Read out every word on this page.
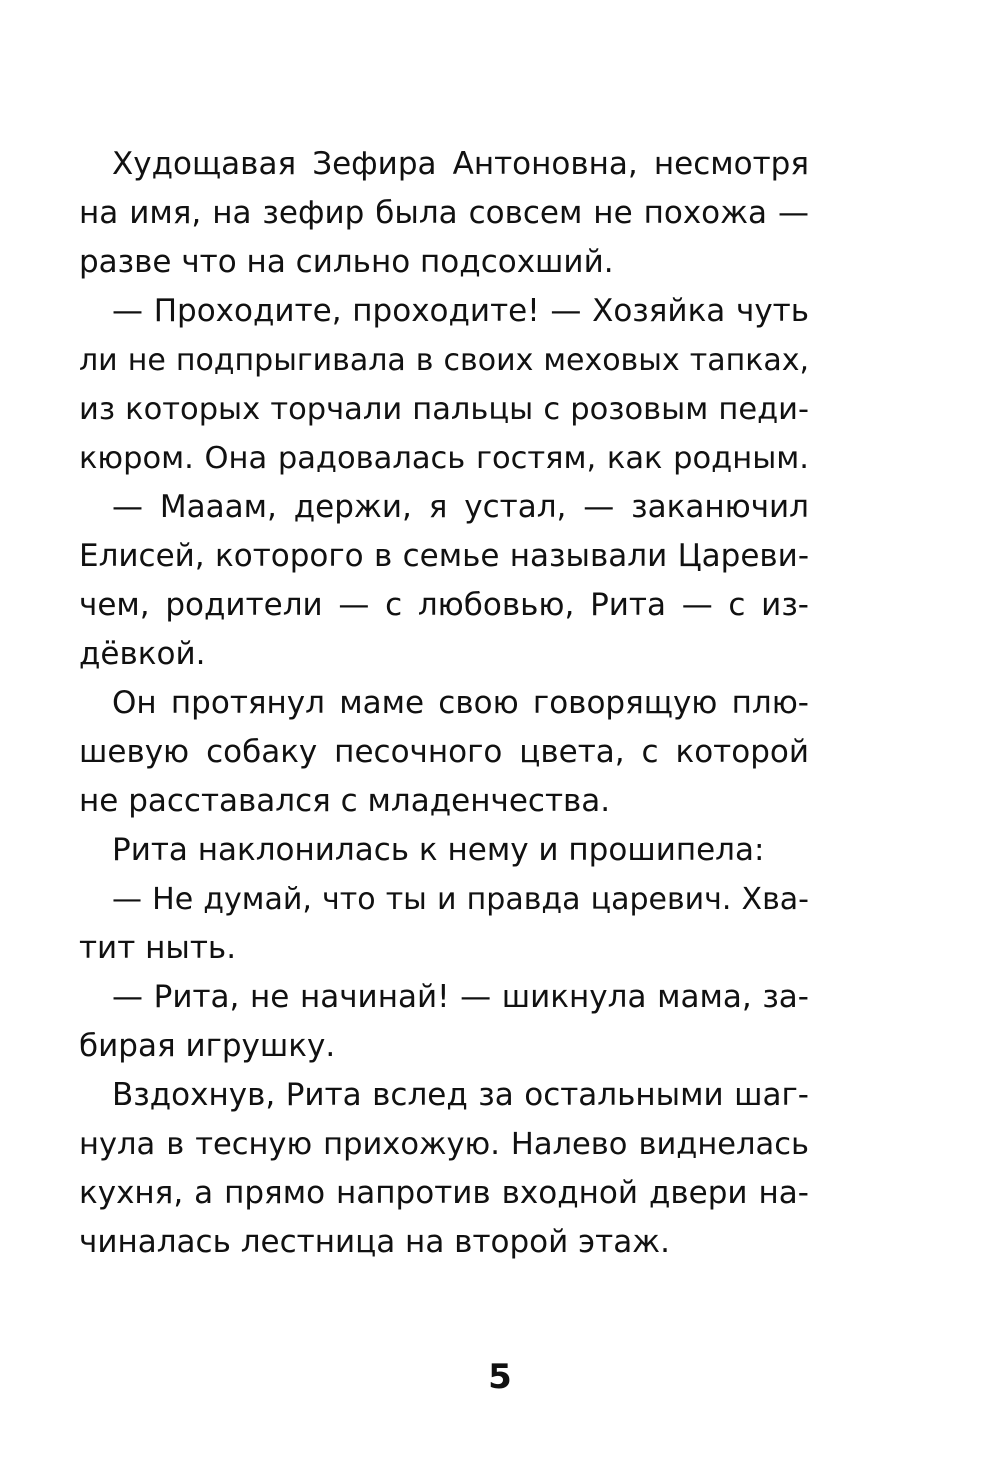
Худощавая Зефира Антоновна, несмотря
на имя, на зефир была совсем не похожа —
разве что на сильно подсохший.
— Проходите, проходите! — Хозяйка чуть
ли не подпрыгивала в своих меховых тапках,
из которых торчали пальцы с розовым педи-
кюром. Она радовалась гостям, как родным.
— Мааам, держи, я устал, — заканючил
Елисей, которого в семье называли Цареви-
чем, родители — с любовью, Рита — с из-
дёвкой.
Он протянул маме свою говорящую плю-
шевую собаку песочного цвета, с которой
не расставался с младенчества.
Рита наклонилась к нему и прошипела:
— Не думай, что ты и правда царевич. Хва-
тит ныть.
— Рита, не начинай! — шикнула мама, за-
бирая игрушку.
Вздохнув, Рита вслед за остальными шаг-
нула в тесную прихожую. Налево виднелась
кухня, а прямо напротив входной двери на-
чиналась лестница на второй этаж.
5
